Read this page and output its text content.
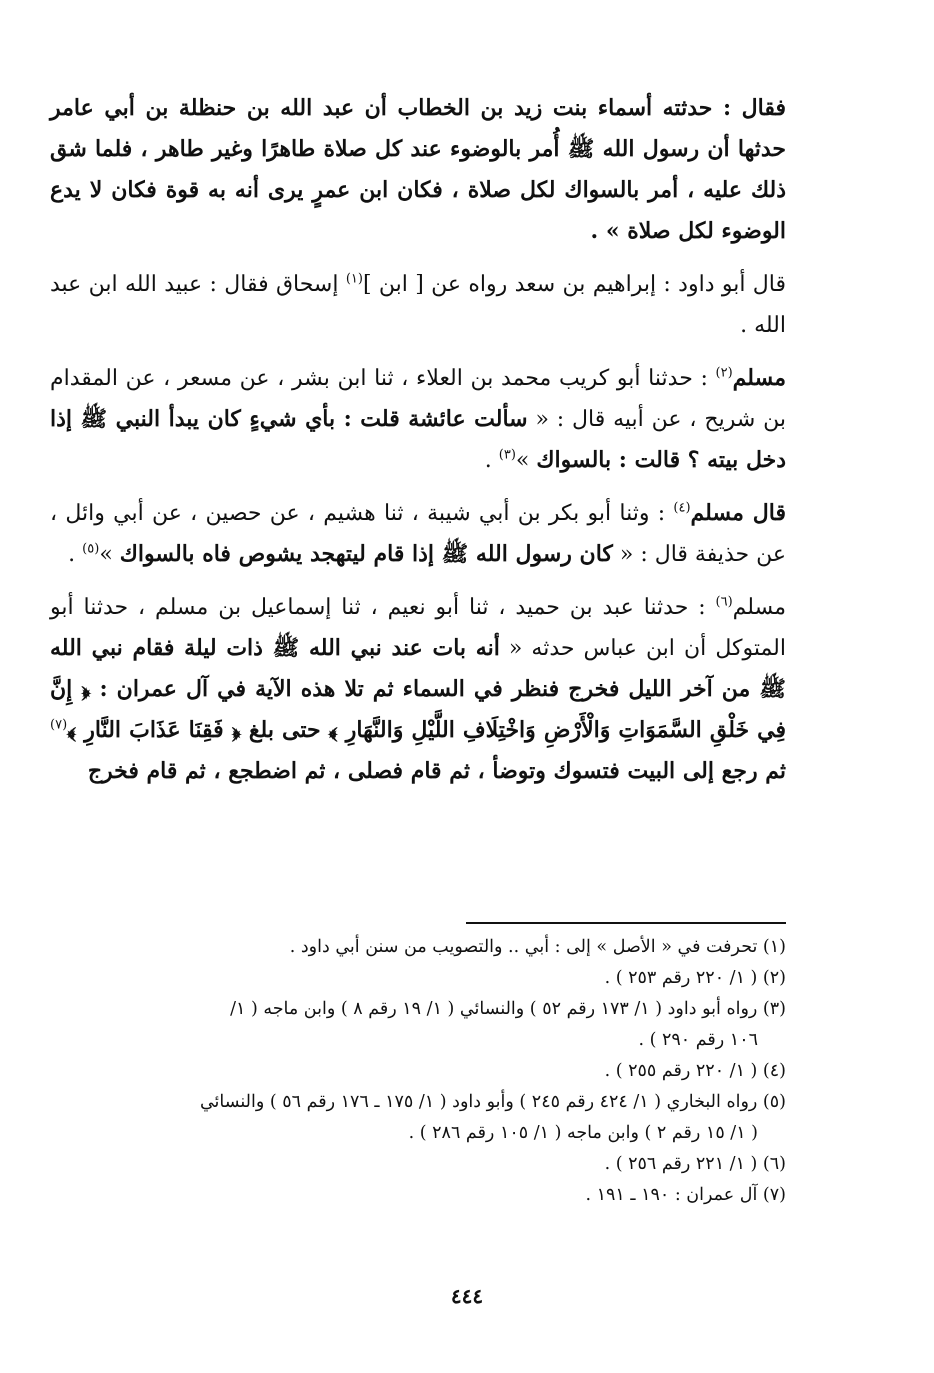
فقال : حدثته أسماء بنت زيد بن الخطاب أن عبد الله بن حنظلة بن أبي عامر حدثها أن رسول الله ﷺ أُمر بالوضوء عند كل صلاة طاهرًا وغير طاهر ، فلما شق ذلك عليه ، أمر بالسواك لكل صلاة ، فكان ابن عمرٍ يرى أنه به قوة فكان لا يدع الوضوء لكل صلاة » .

قال أبو داود : إبراهيم بن سعد رواه عن [ ابن ]$^{(١)}$ إسحاق فقال : عبيد الله ابن عبد الله .

مسلم$^{(٢)}$ : حدثنا أبو كريب محمد بن العلاء ، ثنا ابن بشر ، عن مسعر ، عن المقدام بن شريح ، عن أبيه قال : « سألت عائشة قلت : بأي شيءٍ كان يبدأ النبي ﷺ إذا دخل بيته ؟ قالت : بالسواك »$^{(٣)}$ .

قال مسلم$^{(٤)}$ : وثنا أبو بكر بن أبي شيبة ، ثنا هشيم ، عن حصين ، عن أبي وائل ، عن حذيفة قال : « كان رسول الله ﷺ إذا قام ليتهجد يشوص فاه بالسواك »$^{(٥)}$ .

مسلم$^{(٦)}$ : حدثنا عبد بن حميد ، ثنا أبو نعيم ، ثنا إسماعيل بن مسلم ، حدثنا أبو المتوكل أن ابن عباس حدثه « أنه بات عند نبي الله ﷺ ذات ليلة فقام نبي الله ﷺ من آخر الليل فخرج فنظر في السماء ثم تلا هذه الآية في آل عمران : ﴿ إِنَّ فِي خَلْقِ السَّمَوَاتِ وَالْأَرْضِ وَاخْتِلَافِ اللَّيْلِ وَالنَّهَارِ ﴾ حتى بلغ ﴿ فَقِنَا عَذَابَ النَّارِ ﴾$^{(٧)}$ ثم رجع إلى البيت فتسوك وتوضأ ، ثم قام فصلى ، ثم اضطجع ، ثم قام فخرج

(١) تحرفت في « الأصل » إلى : أبي .. والتصويب من سنن أبي داود .

(٢) ( ١/ ٢٢٠ رقم ٢٥٣ ) .

(٣) رواه أبو داود ( ١/ ١٧٣ رقم ٥٢ ) والنسائي ( ١/ ١٩ رقم ٨ ) وابن ماجه ( ١/

١٠٦ رقم ٢٩٠ ) .

(٤) ( ١/ ٢٢٠ رقم ٢٥٥ ) .

(٥) رواه البخاري ( ١/ ٤٢٤ رقم ٢٤٥ ) وأبو داود ( ١/ ١٧٥ ـ ١٧٦ رقم ٥٦ ) والنسائي

( ١/ ١٥ رقم ٢ ) وابن ماجه ( ١/ ١٠٥ رقم ٢٨٦ ) .

(٦) ( ١/ ٢٢١ رقم ٢٥٦ ) .

(٧) آل عمران : ١٩٠ ـ ١٩١ .

٤٤٤
